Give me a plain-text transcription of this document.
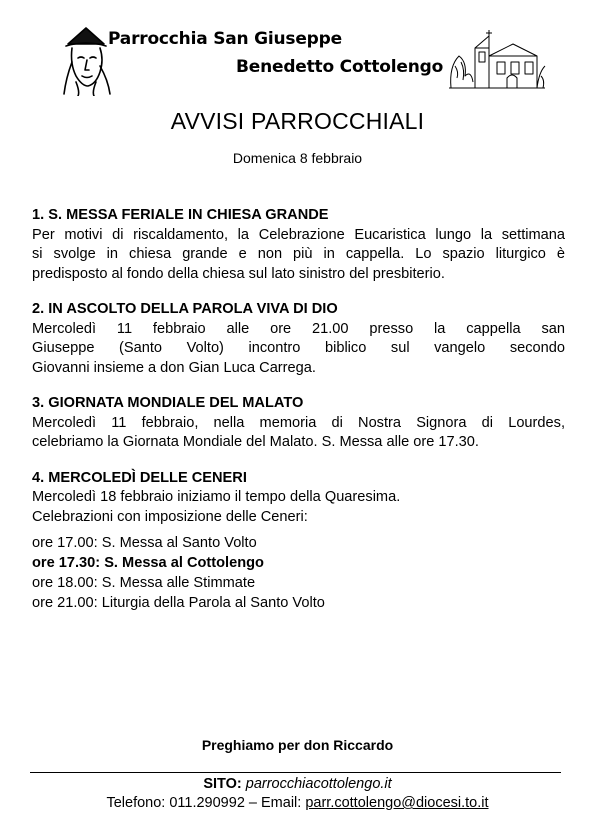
Parrocchia San Giuseppe
Benedetto Cottolengo
AVVISI PARROCCHIALI
Domenica 8 febbraio
1. S. MESSA FERIALE IN CHIESA GRANDE
Per motivi di riscaldamento, la Celebrazione Eucaristica lungo la settimana
si svolge in chiesa grande e non più in cappella. Lo spazio liturgico è
predisposto al fondo della chiesa sul lato sinistro del presbiterio.
2. IN ASCOLTO DELLA PAROLA VIVA DI DIO
Mercoledì 11 febbraio alle ore 21.00 presso la cappella san
Giuseppe (Santo Volto) incontro biblico sul vangelo secondo
Giovanni insieme a don Gian Luca Carrega.
3. GIORNATA MONDIALE DEL MALATO
Mercoledì 11 febbraio, nella memoria di Nostra Signora di Lourdes,
celebriamo la Giornata Mondiale del Malato. S. Messa alle ore 17.30.
4. MERCOLEDÌ DELLE CENERI
Mercoledì 18 febbraio iniziamo il tempo della Quaresima.
Celebrazioni con imposizione delle Ceneri:
ore 17.00: S. Messa al Santo Volto
ore 17.30: S. Messa al Cottolengo
ore 18.00: S. Messa alle Stimmate
ore 21.00: Liturgia della Parola al Santo Volto
Preghiamo per don Riccardo
SITO: parrocchiacottolengo.it
Telefono: 011.290992 – Email: parr.cottolengo@diocesi.to.it
